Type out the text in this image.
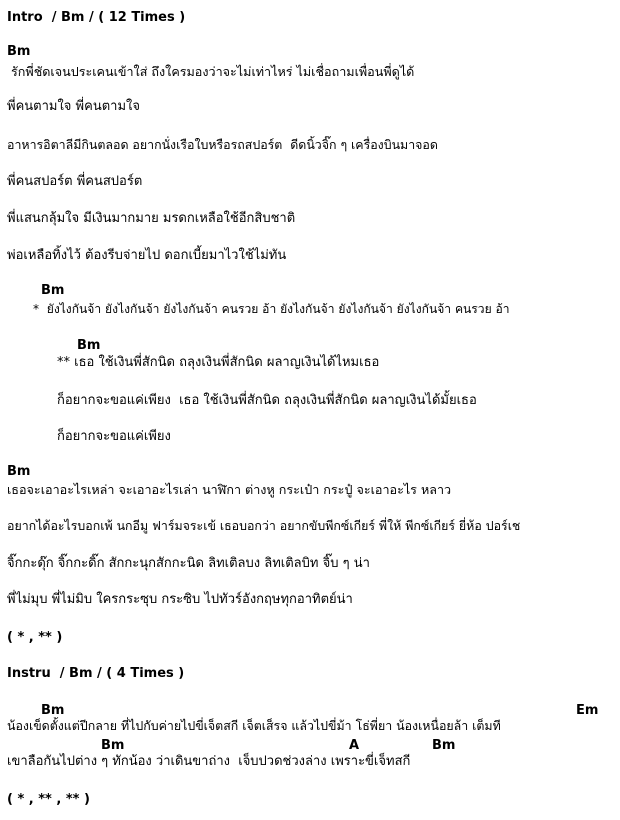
Intro  / Bm / ( 12 Times )
Bm
รักพี่ชัดเจนประเคนเข้าใส่ ถึงใครมองว่าจะไม่เท่าไหร่ ไม่เชื่อถามเพื่อนพี่ดูได้
พี่คนตามใจ พี่คนตามใจ
อาหารอิตาลีมีกินตลอด อยากนั่งเรือใบหรือรถสปอร์ต  ดีดนิ้วจิ๊ก ๆ เครื่องบินมาจอด
พี่คนสปอร์ต พี่คนสปอร์ต
พี่แสนกลุ้มใจ มีเงินมากมาย มรดกเหลือใช้อีกสิบชาติ
พ่อเหลือทิ้งไว้ ต้องรีบจ่ายไป ดอกเบี้ยมาไวใช้ไม่ทัน
Bm
*  ยังไงกันจ้า ยังไงกันจ้า ยังไงกันจ้า คนรวย อ้า ยังไงกันจ้า ยังไงกันจ้า ยังไงกันจ้า คนรวย อ้า
Bm
** เธอ ใช้เงินพี่สักนิด ถลุงเงินพี่สักนิด ผลาญเงินได้ไหมเธอ
ก็อยากจะขอแค่เพียง  เธอ ใช้เงินพี่สักนิด ถลุงเงินพี่สักนิด ผลาญเงินได้มั้ยเธอ
ก็อยากจะขอแค่เพียง
Bm
เธอจะเอาอะไรเหล่า จะเอาอะไรเล่า นาฬิกา ต่างหู กระเป๋า กระปู๋ จะเอาอะไร หลาว
อยากได้อะไรบอกเพ้ นกอีมู ฟาร์มจระเข้ เธอบอกว่า อยากขับพีกซ์เกียร์ พี่ให้ พีกซ์เกียร์ ยี่ห้อ ปอร์เช
จิ๊กกะดุ๊ก จิ๊กกะดิ๊ก สักกะนุกสักกะนิด ลิทเติลบง ลิทเติลบิท จิ๊บ ๆ น่า
พี่ไม่มุบ พี่ไม่มิบ ใครกระซุบ กระซิบ ไปทัวร์อังกฤษทุกอาทิตย์น่า
( * , ** )
Instru  / Bm / ( 4 Times )
Bm	Em
น้องเข็ดตั้งแต่ปีกลาย ที่ไปกับค่ายไปขี่เจ็ตสกี เจ็ตเส็รจ แล้วไปขี่ม้า โธ่พี่ยา น้องเหนื่อยล้า เต็มที
Bm	A	Bm
เขาลือกันไปต่าง ๆ ทักน้อง ว่าเดินขาถ่าง  เจ็บปวดช่วงล่าง เพราะขี่เจ็ทสกี
( * , ** , ** )
